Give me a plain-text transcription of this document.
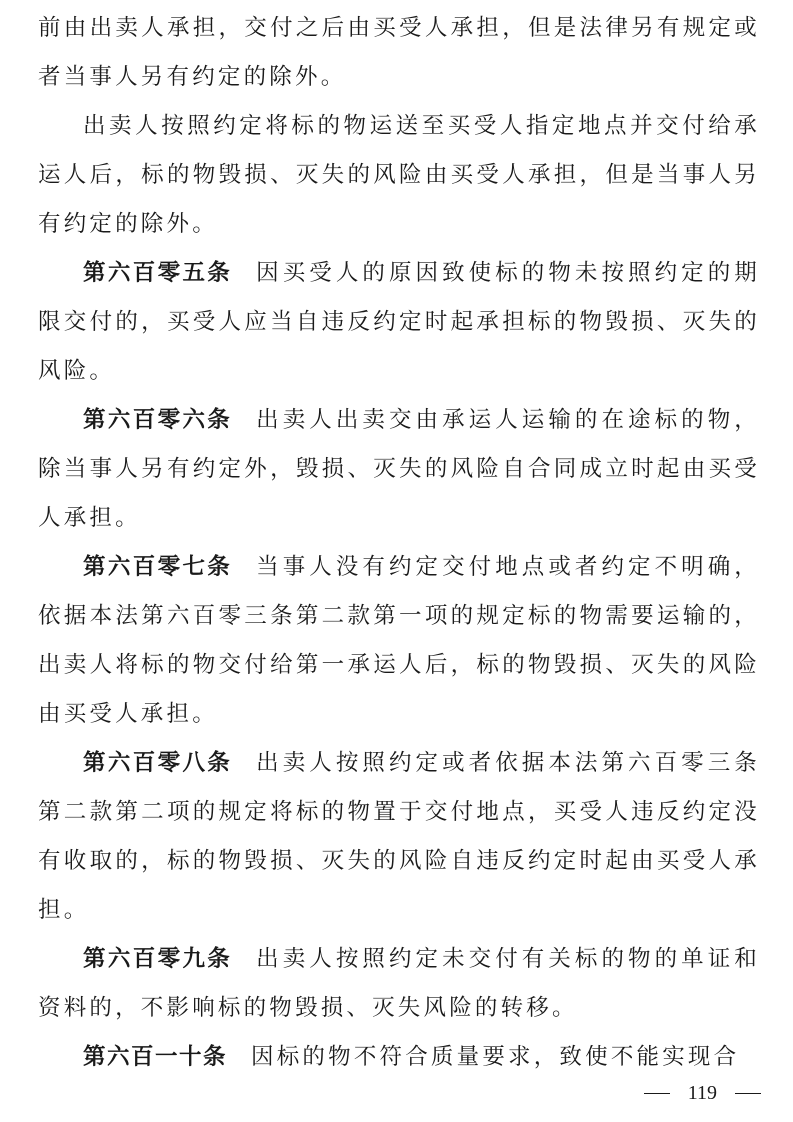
前由出卖人承担，交付之后由买受人承担，但是法律另有规定或者当事人另有约定的除外。

出卖人按照约定将标的物运送至买受人指定地点并交付给承运人后，标的物毁损、灭失的风险由买受人承担，但是当事人另有约定的除外。

第六百零五条 因买受人的原因致使标的物未按照约定的期限交付的，买受人应当自违反约定时起承担标的物毁损、灭失的风险。

第六百零六条 出卖人出卖交由承运人运输的在途标的物，除当事人另有约定外，毁损、灭失的风险自合同成立时起由买受人承担。

第六百零七条 当事人没有约定交付地点或者约定不明确，依据本法第六百零三条第二款第一项的规定标的物需要运输的，出卖人将标的物交付给第一承运人后，标的物毁损、灭失的风险由买受人承担。

第六百零八条 出卖人按照约定或者依据本法第六百零三条第二款第二项的规定将标的物置于交付地点，买受人违反约定没有收取的，标的物毁损、灭失的风险自违反约定时起由买受人承担。

第六百零九条 出卖人按照约定未交付有关标的物的单证和资料的，不影响标的物毁损、灭失风险的转移。

第六百一十条 因标的物不符合质量要求，致使不能实现合

119
